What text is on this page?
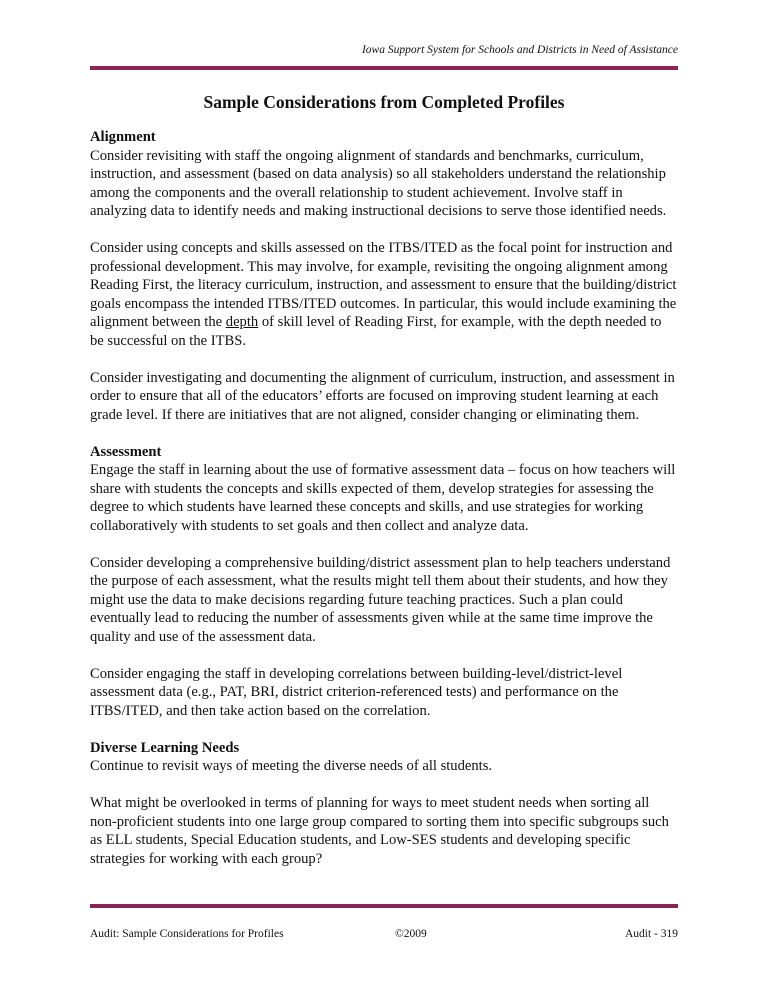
Iowa Support System for Schools and Districts in Need of Assistance
Sample Considerations from Completed Profiles

Alignment

Consider revisiting with staff the ongoing alignment of standards and benchmarks, curriculum, instruction, and assessment (based on data analysis) so all stakeholders understand the relationship among the components and the overall relationship to student achievement. Involve staff in analyzing data to identify needs and making instructional decisions to serve those identified needs.

Consider using concepts and skills assessed on the ITBS/ITED as the focal point for instruction and professional development. This may involve, for example, revisiting the ongoing alignment among Reading First, the literacy curriculum, instruction, and assessment to ensure that the building/district goals encompass the intended ITBS/ITED outcomes. In particular, this would include examining the alignment between the depth of skill level of Reading First, for example, with the depth needed to be successful on the ITBS.

Consider investigating and documenting the alignment of curriculum, instruction, and assessment in order to ensure that all of the educators’ efforts are focused on improving student learning at each grade level. If there are initiatives that are not aligned, consider changing or eliminating them.

Assessment

Engage the staff in learning about the use of formative assessment data – focus on how teachers will share with students the concepts and skills expected of them, develop strategies for assessing the degree to which students have learned these concepts and skills, and use strategies for working collaboratively with students to set goals and then collect and analyze data.

Consider developing a comprehensive building/district assessment plan to help teachers understand the purpose of each assessment, what the results might tell them about their students, and how they might use the data to make decisions regarding future teaching practices. Such a plan could eventually lead to reducing the number of assessments given while at the same time improve the quality and use of the assessment data.

Consider engaging the staff in developing correlations between building-level/district-level assessment data (e.g., PAT, BRI, district criterion-referenced tests) and performance on the ITBS/ITED, and then take action based on the correlation.

Diverse Learning Needs

Continue to revisit ways of meeting the diverse needs of all students.

What might be overlooked in terms of planning for ways to meet student needs when sorting all non-proficient students into one large group compared to sorting them into specific subgroups such as ELL students, Special Education students, and Low-SES students and developing specific strategies for working with each group?

Audit: Sample Considerations for Profiles	©2009	Audit - 319
